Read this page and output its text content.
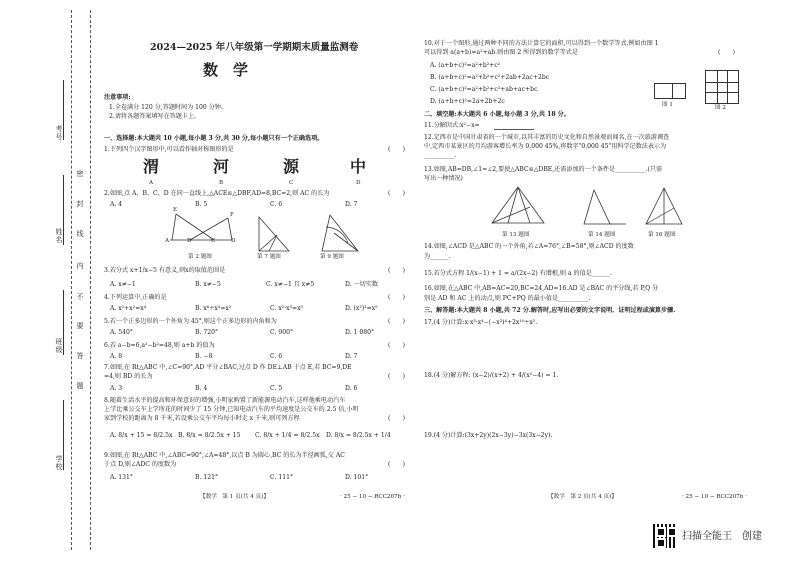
考号
姓名
班级
学校
密
封
线
内
不
要
答
题
2024—2025 年八年级第一学期期末质量监测卷
数　学
注意事项:
1.全卷满分 120 分,答题时间为 100 分钟。
2.请将各题答案填写在答题卡上。
一、选择题:本大题共 10 小题,每小题 3 分,共 30 分,每小题只有一个正确选项。
1.下列四个汉字图形中,可以看作轴对称图形的是	(　　)
渭	河	源	中
A	B	C	D
2.如图,点 A、B、C、D 在同一直线上,△ACE≌△DBF,AD=8,BC=2,则 AC 的长为	(　　)
A. 4	B. 5	C. 6	D. 7
A	B	C	D
E
F
第 2 题图	第 7 题图	第 9 题图
3.若分式 x+1/x−5 有意义,则x的取值范围是	(　　)
A. x≠−1	B. x≠−5	C. x≠−1 且 x≠5	D. 一切实数
4.下列运算中,正确的是	(　　)
A. x²+x²=x⁴	B. x⁶÷x³=x²	C. x²·x³=x⁵	D. (x²)³=x⁵
5.若一个正多边形的一个外角为 45°,则这个正多边形的内角和为	(　　)
A. 540°	B. 720°	C. 900°	D. 1 080°
6.若 a−b=6,a²−b²=48,则 a+b 的值为	(　　)
A. 8	B. −8	C. 6	D. 7
7.如图,在 Rt△ABC 中,∠C=90°,AD 平分∠BAC,过点 D 作 DE⊥AB 于点 E,若 BC=9,DE
=4,则 BD 的长为	(　　)
A. 3	B. 4	C. 5	D. 6
8.随着生活水平的提高和环保意识的增强,小明家购置了新能源电动汽车,这样他乘电动汽车
上学比乘公交车上学所花的时间少了 15 分钟,已知电动汽车的平均速度是公交车的 2.5 倍,小明
家到学校的距离为 8 千米,若设乘公交车平均每小时走 x 千米,则可列方程	(　　)
A. 8/x + 15 = 8/2.5x B. 8/x = 8/2.5x + 15 C. 8/x + 1/4 = 8/2.5x D. 8/x = 8/2.5x + 1/4
9.如图,在 Rt△ABC 中,∠ABC=90°,∠A=48°,以点 B 为圆心,BC 的长为半径画弧,交 AC
于点 D,则∠ADC 的度数为	(　　)
A. 131°	B. 121°	C. 111°	D. 101°
【数学　第 1 页(共 4 页)】	· 25 − 10 − RCC207b ·
10.对于一个图形,通过两种不同的方法计算它的面积,可以得到一个数学等式.例如由图 1
可以得到 a(a+b)=a²+ab.则由图 2 所得到的数学等式是	(　　)
A. (a+b+c)²=a²+b²+c²
B. (a+b+c)²=a²+b²+c²+2ab+2ac+2bc
C. (a+b+c)²=a²+b²+c²+ab+ac+bc
D. (a+b+c)²=2a+2b+2c	图 1	图 2
二、填空题:本大题共 6 小题,每小题 3 分,共 18 分。
11.分解因式:x²−x=
12.定西市是中国甘肃省的一个城市,以其丰富的历史文化和自然景观而闻名,在一次旅游调查
中,定西市某景区的月均游客增长率为 0.000 45%,将数字"0.000 45"用科学记数法表示为
__________.
13.如图,AB=DB,∠1=∠2,要使△ABC≌△DBE,还需添加的一个条件是__________.(只需
写出一种情况)
第 13 题图	第 14 题图	第 16 题图
14.如图,∠ACD 是△ABC 的一个外角,若∠A=76°,∠B=58°,则∠ACD 的度数
为______.
15.若分式方程 1/(x−1) + 1 = a/(2x−2) 有增根,则 a 的值是______.
16.如图,在△ABC 中,AB=AC=20,BC=24,AD=16.AD 是∠BAC 的平分线,若 P,Q 分
别是 AD 和 AC 上的动点,则 PC+PQ 的最小值是__________.
三、解答题:本大题共 8 小题,共 72 分.解答时,应写出必要的文字说明、证明过程或演算步骤.
17.(4 分)计算:x·x³·x⁴−(−x²)⁴+2x¹⁰÷x².
18.(4 分)解方程: (x−2)/(x+2) + 4/(x²−4) = 1.
19.(4 分)计算:(3x+2y)(2x−3y)−3x(3x−2y).
【数学　第 2 页(共 4 页)】	· 25 − 10 − RCC207b ·
扫描全能王　创建
